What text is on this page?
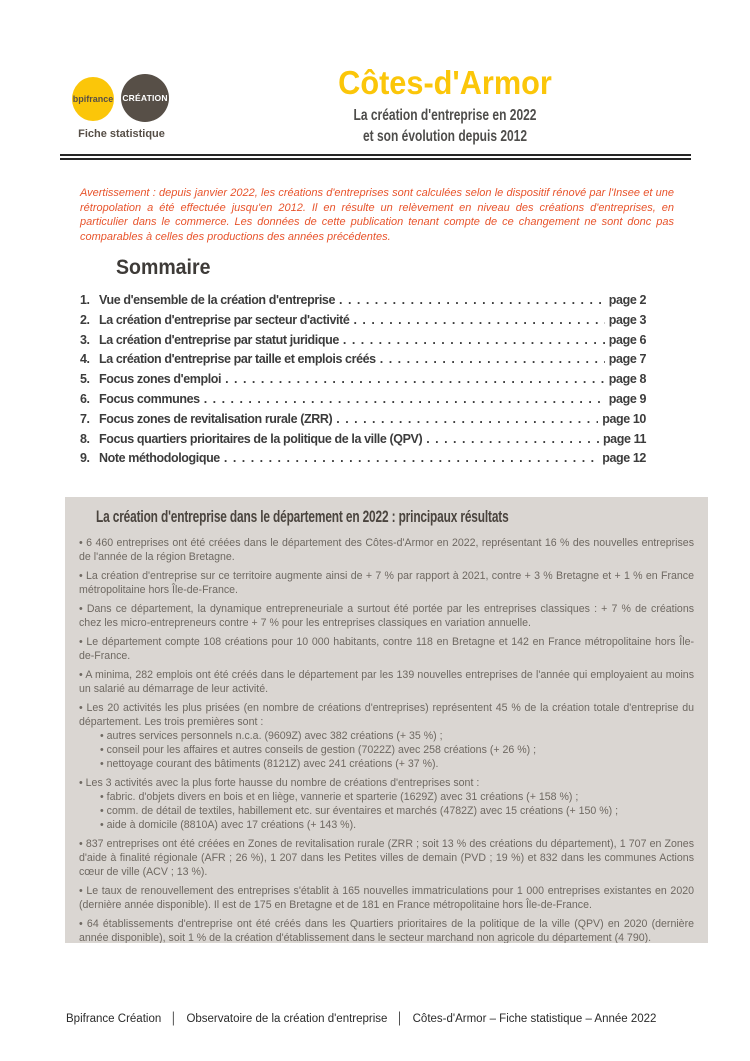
bpifrance CRÉATION
Fiche statistique
Côtes-d'Armor
La création d'entreprise en 2022
et son évolution depuis 2012

Avertissement : depuis janvier 2022, les créations d'entreprises sont calculées selon le dispositif rénové par l'Insee et une rétropolation a été effectuée jusqu'en 2012. Il en résulte un relèvement en niveau des créations d'entreprises, en particulier dans le commerce. Les données de cette publication tenant compte de ce changement ne sont donc pas comparables à celles des productions des années précédentes.

Sommaire
1. Vue d'ensemble de la création d'entreprise . . .	page 2
2. La création d'entreprise par secteur d'activité . . .	page 3
3. La création d'entreprise par statut juridique . . .	page 6
4. La création d'entreprise par taille et emplois créés . . .	page 7
5. Focus zones d'emploi . . .	page 8
6. Focus communes . . .	page 9
7. Focus zones de revitalisation rurale (ZRR) . . .	page 10
8. Focus quartiers prioritaires de la politique de la ville (QPV) . . .	page 11
9. Note méthodologique . . .	page 12
La création d'entreprise dans le département en 2022 : principaux résultats

• 6 460 entreprises ont été créées dans le département des Côtes-d'Armor en 2022, représentant 16 % des nouvelles entreprises de l'année de la région Bretagne.

• La création d'entreprise sur ce territoire augmente ainsi de + 7 % par rapport à 2021, contre + 3 % Bretagne et + 1 % en France métropolitaine hors Île-de-France.

• Dans ce département, la dynamique entrepreneuriale a surtout été portée par les entreprises classiques : + 7 % de créations chez les micro-entrepreneurs contre + 7 % pour les entreprises classiques en variation annuelle.

• Le département compte 108 créations pour 10 000 habitants, contre 118 en Bretagne et 142 en France métropolitaine hors Île-de-France.

• A minima, 282 emplois ont été créés dans le département par les 139 nouvelles entreprises de l'année qui employaient au moins un salarié au démarrage de leur activité.

• Les 20 activités les plus prisées (en nombre de créations d'entreprises) représentent 45 % de la création totale d'entreprise du département. Les trois premières sont :

• autres services personnels n.c.a. (9609Z) avec 382 créations (+ 35 %) ;
• conseil pour les affaires et autres conseils de gestion (7022Z) avec 258 créations (+ 26 %) ;
• nettoyage courant des bâtiments (8121Z) avec 241 créations (+ 37 %).

• Les 3 activités avec la plus forte hausse du nombre de créations d'entreprises sont :

• fabric. d'objets divers en bois et en liège, vannerie et sparterie (1629Z) avec 31 créations (+ 158 %) ;
• comm. de détail de textiles, habillement etc. sur éventaires et marchés (4782Z) avec 15 créations (+ 150 %) ;
• aide à domicile (8810A) avec 17 créations (+ 143 %).

• 837 entreprises ont été créées en Zones de revitalisation rurale (ZRR ; soit 13 % des créations du département), 1 707 en Zones d'aide à finalité régionale (AFR ; 26 %), 1 207 dans les Petites villes de demain (PVD ; 19 %) et 832 dans les communes Actions cœur de ville (ACV ; 13 %).

• Le taux de renouvellement des entreprises s'établit à 165 nouvelles immatriculations pour 1 000 entreprises existantes en 2020 (dernière année disponible). Il est de 175 en Bretagne et de 181 en France métropolitaine hors Île-de-France.

• 64 établissements d'entreprise ont été créés dans les Quartiers prioritaires de la politique de la ville (QPV) en 2020 (dernière année disponible), soit 1 % de la création d'établissement dans le secteur marchand non agricole du département (4 790).

Bpifrance Création │ Observatoire de la création d'entreprise │ Côtes-d'Armor – Fiche statistique – Année 2022
